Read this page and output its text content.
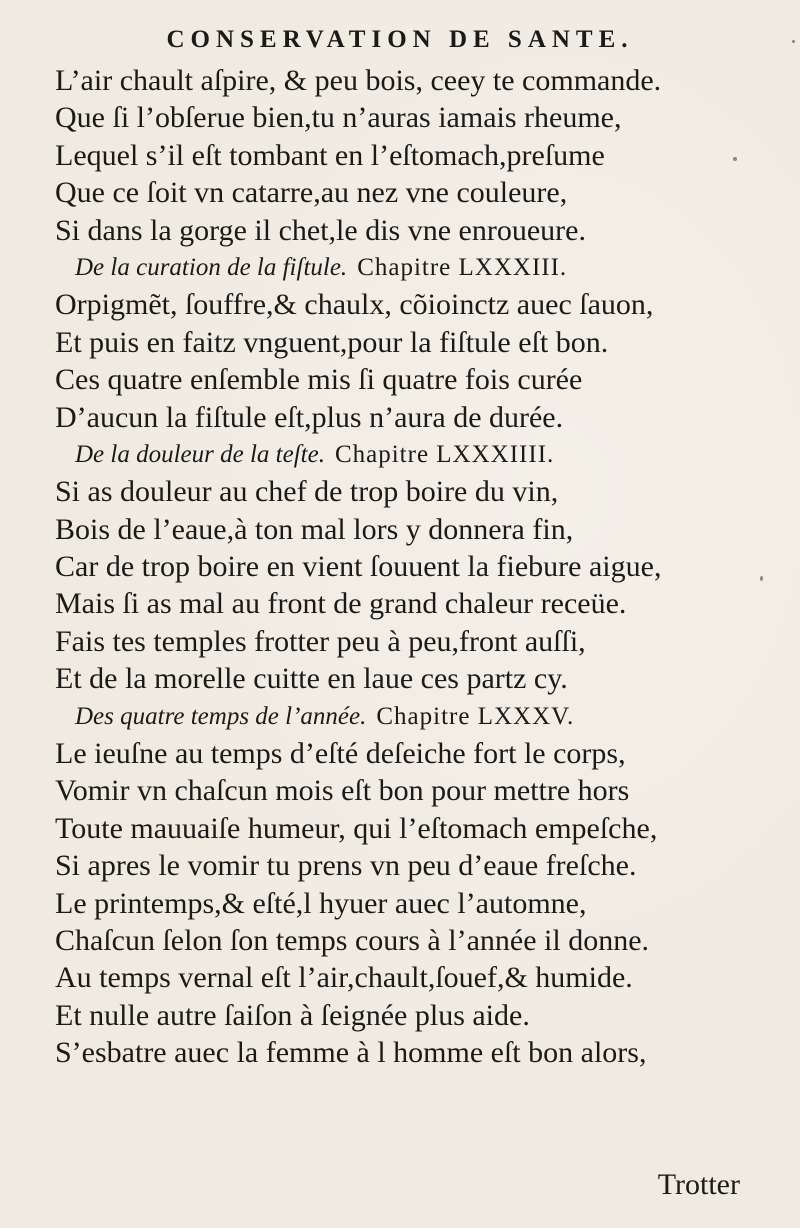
CONSERVATION DE SANTE.
L’air chault aſpire, & peu bois, ceey te commande.
Que ſi l’obſerue bien,tu n’auras iamais rheume,
Lequel s’il eſt tombant en l’eſtomach,preſume
Que ce ſoit vn catarre,au nez vne couleure,
Si dans la gorge il chet,le dis vne enroueure.
De la curation de la fiſtule. Chapitre LXXXIII.
Orpigmẽt, ſouffre,& chaulx, cõioinctz auec ſauon,
Et puis en faitz vnguent,pour la fiſtule eſt bon.
Ces quatre enſemble mis ſi quatre fois curée
D’aucun la fiſtule eſt,plus n’aura de durée.
De la douleur de la teſte. Chapitre LXXXIIII.
Si as douleur au chef de trop boire du vin,
Bois de l’eaue,à ton mal lors y donnera fin,
Car de trop boire en vient ſouuent la fiebure aigue,
Mais ſi as mal au front de grand chaleur receüe.
Fais tes temples frotter peu à peu,front auſſi,
Et de la morelle cuitte en laue ces partz cy.
Des quatre temps de l’année. Chapitre LXXXV.
Le ieuſne au temps d’eſté deſeiche fort le corps,
Vomir vn chaſcun mois eſt bon pour mettre hors
Toute mauuaiſe humeur, qui l’eſtomach empeſche,
Si apres le vomir tu prens vn peu d’eaue freſche.
Le printemps,& eſté,l hyuer auec l’automne,
Chaſcun ſelon ſon temps cours à l’année il donne.
Au temps vernal eſt l’air,chault,ſouef,& humide.
Et nulle autre ſaiſon à ſeignée plus aide.
S’esbatre auec la femme à l homme eſt bon alors,
Trotter
